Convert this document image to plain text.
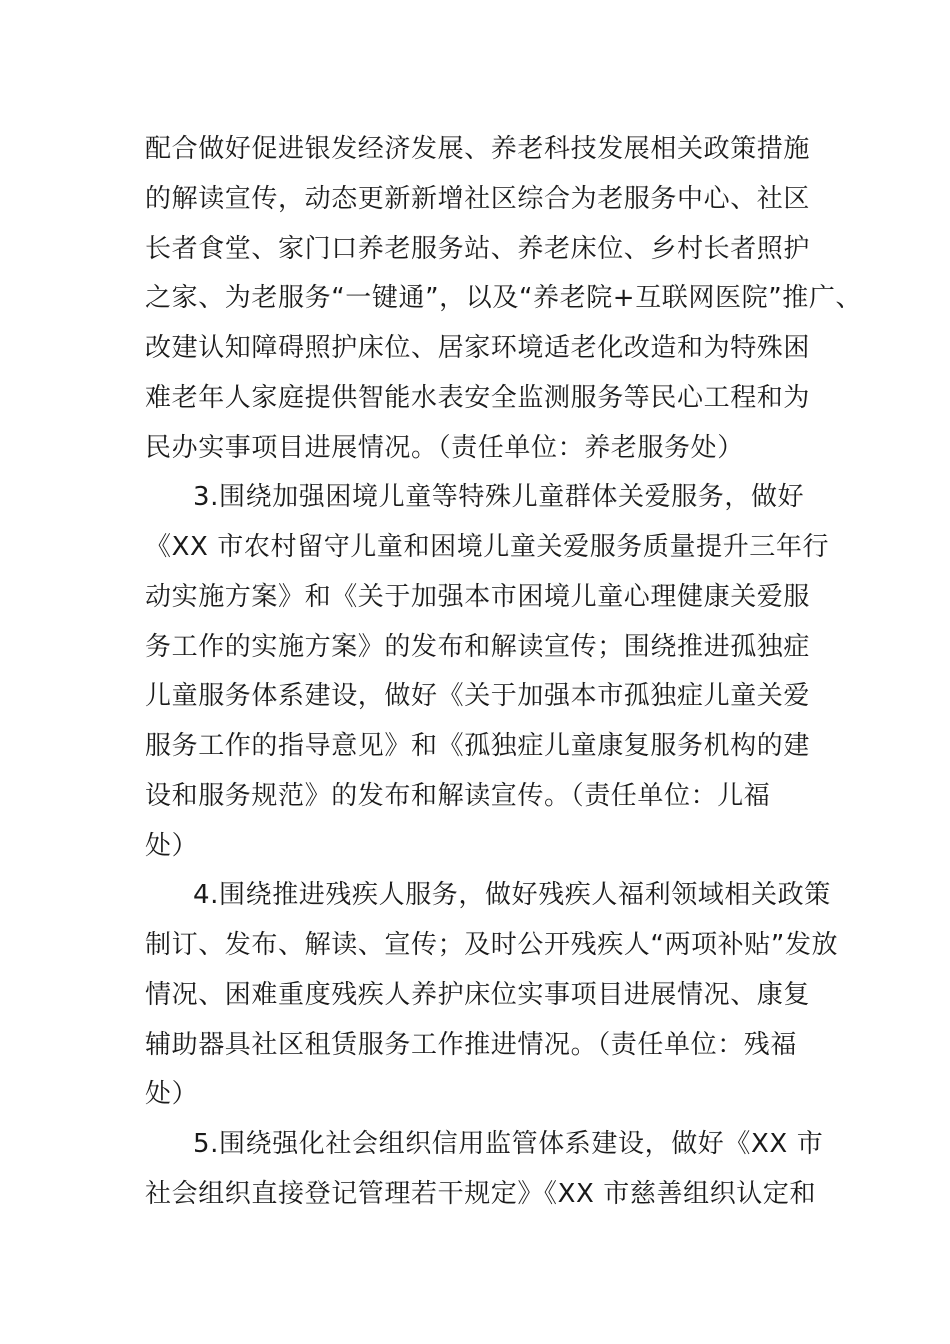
配合做好促进银发经济发展、养老科技发展相关政策措施
的解读宣传，动态更新新增社区综合为老服务中心、社区
长者食堂、家门口养老服务站、养老床位、乡村长者照护
之家、为老服务“一键通”，以及“养老院+互联网医院”推广、
改建认知障碍照护床位、居家环境适老化改造和为特殊困
难老年人家庭提供智能水表安全监测服务等民心工程和为
民办实事项目进展情况。（责任单位：养老服务处）
3.围绕加强困境儿童等特殊儿童群体关爱服务，做好
《XX 市农村留守儿童和困境儿童关爱服务质量提升三年行
动实施方案》和《关于加强本市困境儿童心理健康关爱服
务工作的实施方案》的发布和解读宣传；围绕推进孤独症
儿童服务体系建设，做好《关于加强本市孤独症儿童关爱
服务工作的指导意见》和《孤独症儿童康复服务机构的建
设和服务规范》的发布和解读宣传。（责任单位：儿福
处）
4.围绕推进残疾人服务，做好残疾人福利领域相关政策
制订、发布、解读、宣传；及时公开残疾人“两项补贴”发放
情况、困难重度残疾人养护床位实事项目进展情况、康复
辅助器具社区租赁服务工作推进情况。（责任单位：残福
处）
5.围绕强化社会组织信用监管体系建设，做好《XX 市
社会组织直接登记管理若干规定》《XX 市慈善组织认定和
